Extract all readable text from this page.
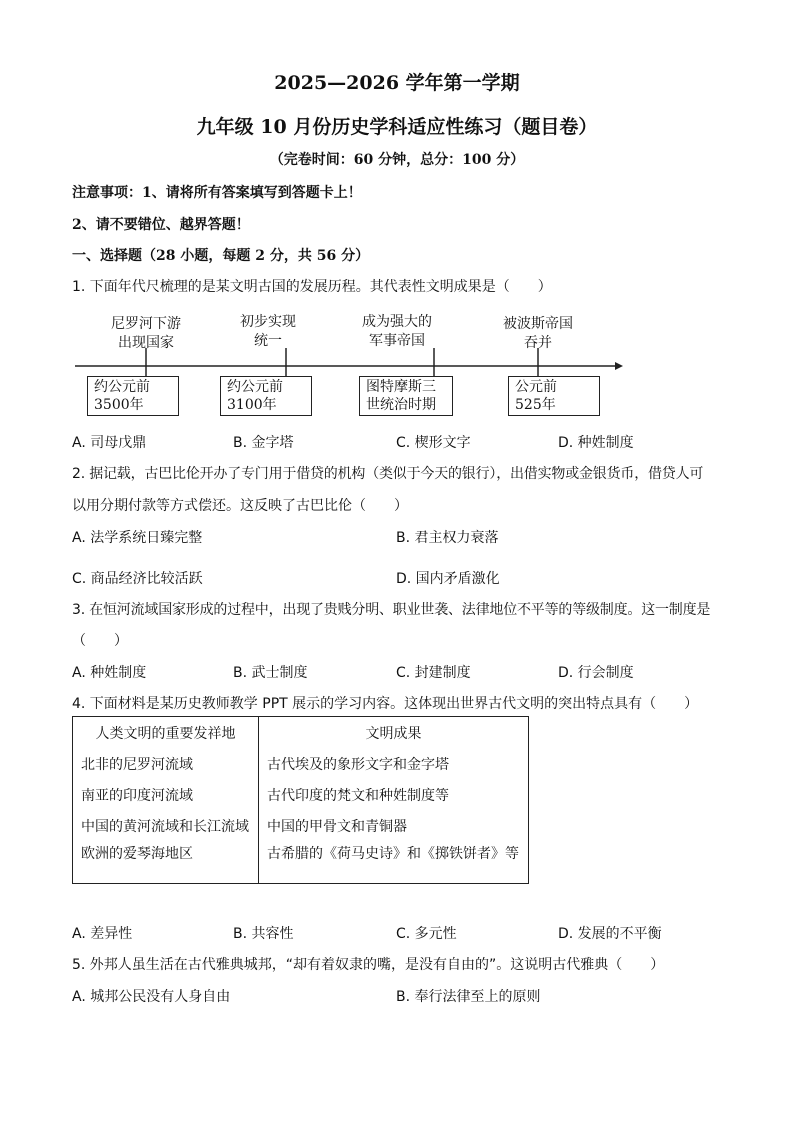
2025—2026 学年第一学期
九年级 10 月份历史学科适应性练习（题目卷）
（完卷时间：60 分钟，总分：100 分）
注意事项：1、请将所有答案填写到答题卡上！
2、请不要错位、越界答题！
一、选择题（28 小题，每题 2 分，共 56 分）
1. 下面年代尺梳理的是某文明古国的发展历程。其代表性文明成果是（　　）
尼罗河下游
出现国家
约公元前
3500年
初步实现
统一
约公元前
3100年
成为强大的
军事帝国
图特摩斯三
世统治时期
被波斯帝国
吞并
公元前
525年
A. 司母戊鼎	B. 金字塔	C. 楔形文字	D. 种姓制度
2. 据记载，古巴比伦开办了专门用于借贷的机构（类似于今天的银行），出借实物或金银货币，借贷人可
以用分期付款等方式偿还。这反映了古巴比伦（　　）
A. 法学系统日臻完整	B. 君主权力衰落
C. 商品经济比较活跃	D. 国内矛盾激化
3. 在恒河流域国家形成的过程中，出现了贵贱分明、职业世袭、法律地位不平等的等级制度。这一制度是
（　　）
A. 种姓制度	B. 武士制度	C. 封建制度	D. 行会制度
4. 下面材料是某历史教师教学 PPT 展示的学习内容。这体现出世界古代文明的突出特点具有（　　）
人类文明的重要发祥地	文明成果
北非的尼罗河流域	古代埃及的象形文字和金字塔
南亚的印度河流域	古代印度的梵文和种姓制度等
中国的黄河流域和长江流域	中国的甲骨文和青铜器
欧洲的爱琴海地区	古希腊的《荷马史诗》和《掷铁饼者》等
A. 差异性	B. 共容性	C. 多元性	D. 发展的不平衡
5. 外邦人虽生活在古代雅典城邦，“却有着奴隶的嘴，是没有自由的”。这说明古代雅典（　　）
A. 城邦公民没有人身自由	B. 奉行法律至上的原则
